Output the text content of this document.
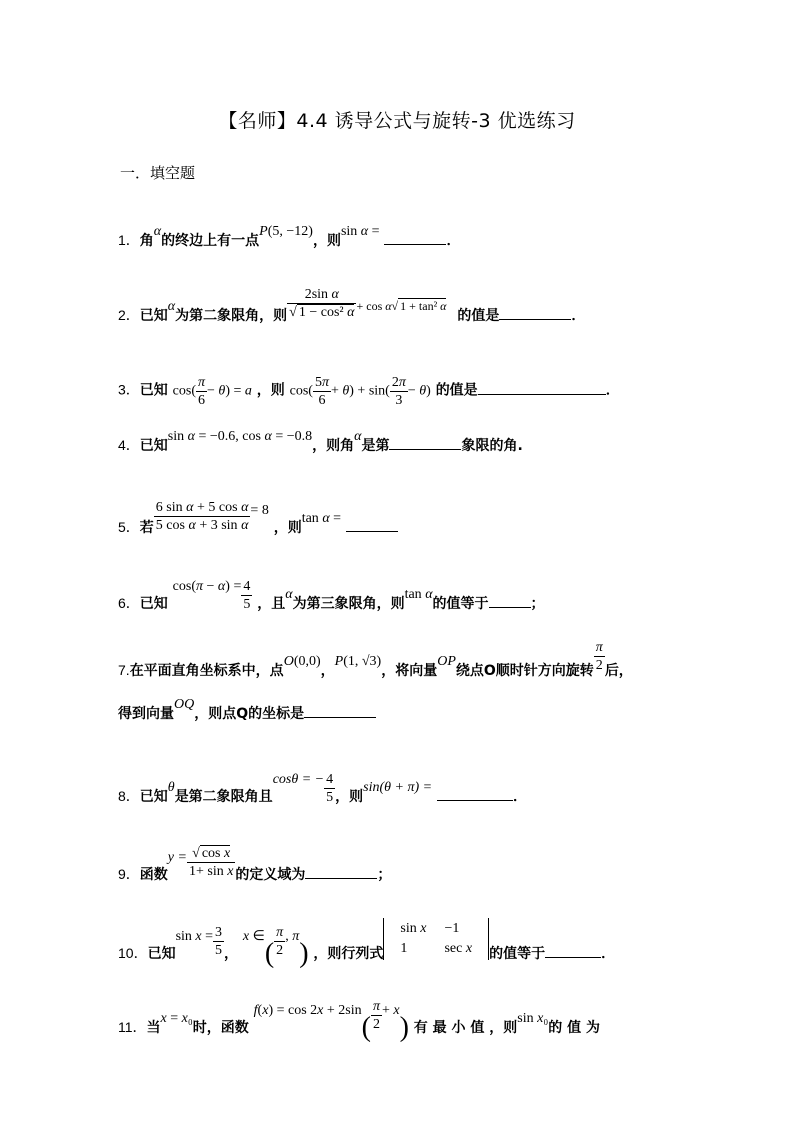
【名师】4.4 诱导公式与旋转-3 优选练习
一．填空题
1．角α的终边上有一点P(5, −12)，则sin α = ．
2．已知α为第二象限角，则 $\frac{\text{2sin α}}{\text{√ 1 − cos² α}} + \cos \alpha√$ 1 + tan² α 的值是	．
3．已知 $\cos( \frac{\pi}{6} - \theta) = a$ ，则 $\cos( \frac{5\pi}{6} + \theta) + \sin( \frac{2\pi}{3} - \theta)$ 的值是	．
4．已知sin α = −0.6, cos α = −0.8，则角α是第	象限的角.
5．若 $\frac{\text{6 sin α + 5 cos α}}{\text{5 cos α + 3 sin α}} = 8$ ，则tan α =
6．已知 $\cos(\pi - \alpha) = \frac{4}{5}$ ，且α为第三象限角，则tan α的值等于	；
7.在平面直角坐标系中，点O(0,0)，P(1, √3)，将向量OP绕点O顺时针方向旋转 $\frac{\pi}{2}$ 后，
得到向量OQ，则点Q的坐标是
8．已知θ是第二象限角且cosθ = − $\frac{4}{5}$ ，则sin(θ + π) = ．
9．函数$y = \frac{\text{√ cos x}}{\text{1+ sin x}}$ 的定义域为	；
10．已知$\sin x = \frac{3}{5}$ ， x ∈( $\frac{\pi}{2}$ , π) ，则行列式sin x	−1
1	sec x 的值等于	．
11．当x = x₀时，函数 $f(x) = \cos 2x + 2\sin( \frac{\pi}{2} + x)$ 有 最 小 值 ，则sin x₀的 值 为
